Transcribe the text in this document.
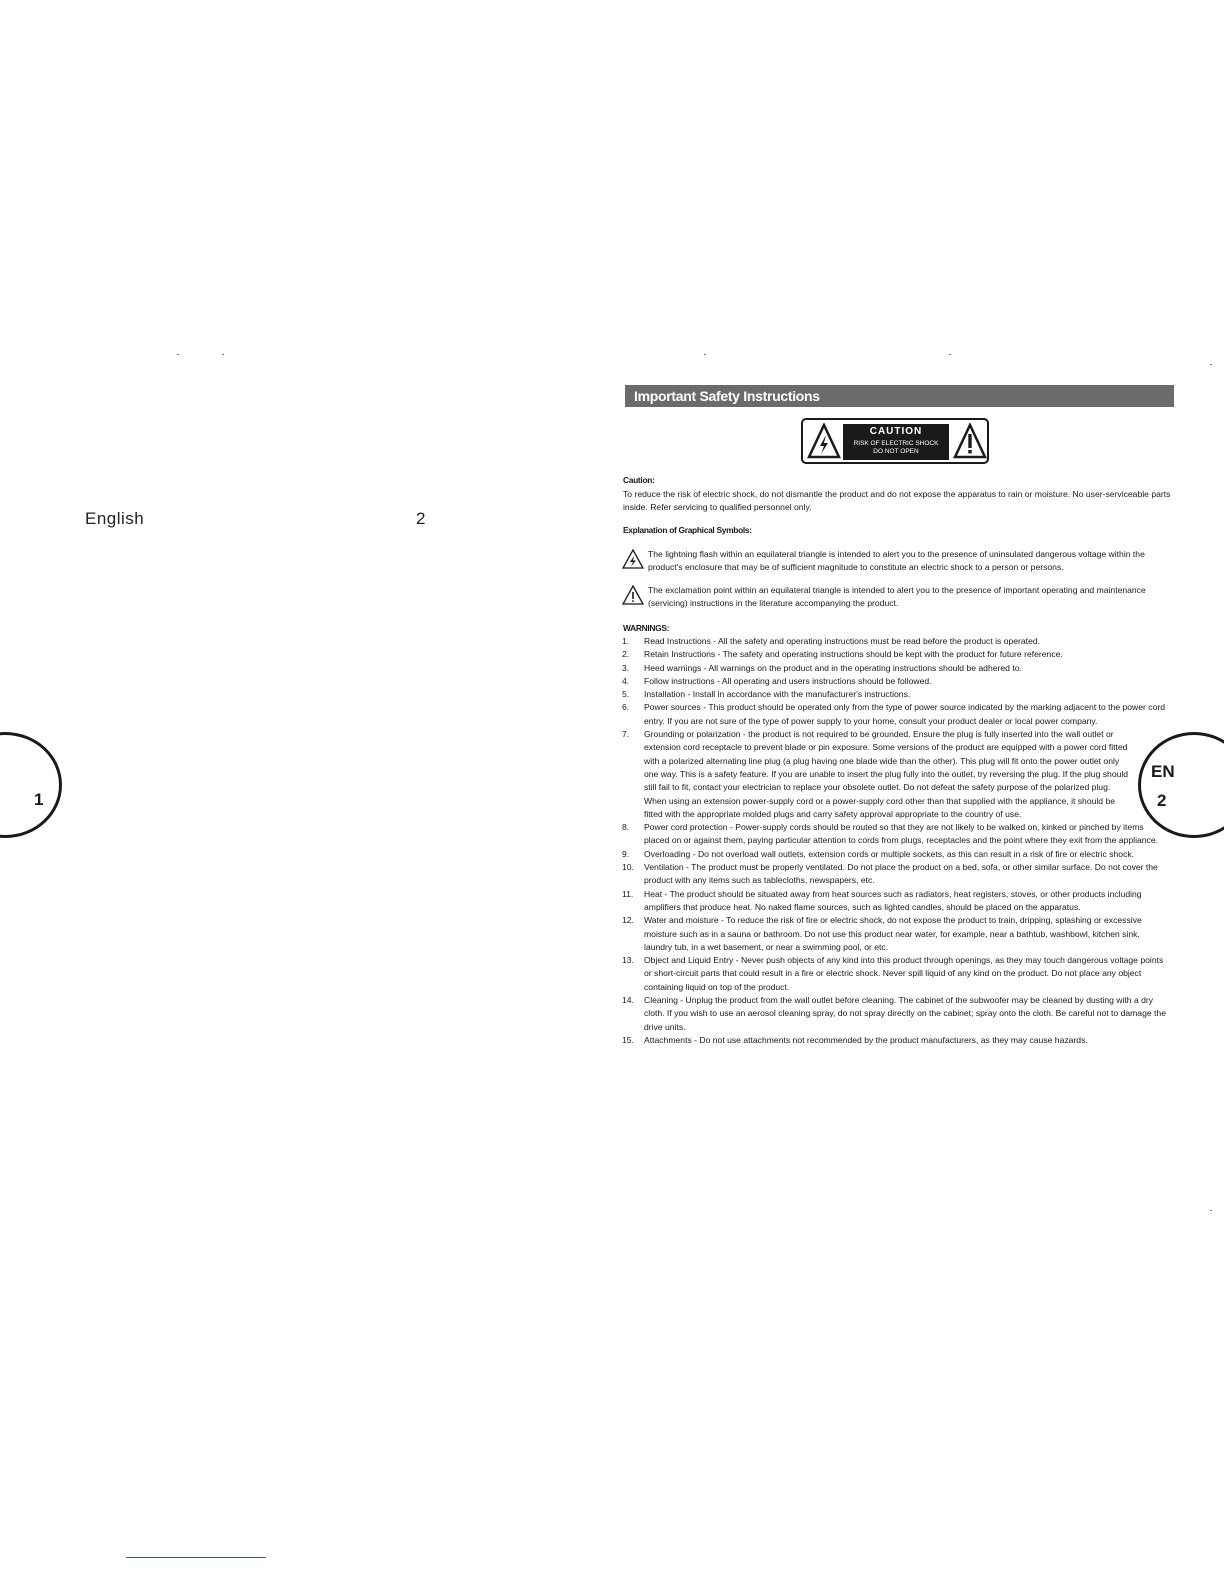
English	2
1
Important Safety Instructions
CAUTION
RISK OF ELECTRIC SHOCK
DO NOT OPEN
Caution:
To reduce the risk of electric shock, do not dismantle the product and do not expose the apparatus to rain or moisture. No user-serviceable parts inside. Refer servicing to qualified personnel only.
Explanation of Graphical Symbols:
The lightning flash within an equilateral triangle is intended to alert you to the presence of uninsulated dangerous voltage within the product's enclosure that may be of sufficient magnitude to constitute an electric shock to a person or persons.
The exclamation point within an equilateral triangle is intended to alert you to the presence of important operating and maintenance (servicing) instructions in the literature accompanying the product.
WARNINGS:
1. Read Instructions - All the safety and operating instructions must be read before the product is operated.
2. Retain Instructions - The safety and operating instructions should be kept with the product for future reference.
3. Heed warnings - All warnings on the product and in the operating instructions should be adhered to.
4. Follow instructions - All operating and users instructions should be followed.
5. Installation - Install in accordance with the manufacturer's instructions.
6. Power sources - This product should be operated only from the type of power source indicated by the marking adjacent to the power cord entry. If you are not sure of the type of power supply to your home, consult your product dealer or local power company.
7. Grounding or polarization - the product is not required to be grounded. Ensure the plug is fully inserted into the wall outlet or extension cord receptacle to prevent blade or pin exposure. Some versions of the product are equipped with a power cord fitted with a polarized alternating line plug (a plug having one blade wide than the other). This plug will fit onto the power outlet only one way. This is a safety feature. If you are unable to insert the plug fully into the outlet, try reversing the plug. If the plug should still fail to fit, contact your electrician to replace your obsolete outlet. Do not defeat the safety purpose of the polarized plug. When using an extension power-supply cord or a power-supply cord other than that supplied with the appliance, it should be fitted with the appropriate molded plugs and carry safety approval appropriate to the country of use.
8. Power cord protection - Power-supply cords should be routed so that they are not likely to be walked on, kinked or pinched by items placed on or against them, paying particular attention to cords from plugs, receptacles and the point where they exit from the appliance.
9. Overloading - Do not overload wall outlets, extension cords or multiple sockets, as this can result in a risk of fire or electric shock.
10. Ventilation - The product must be properly ventilated. Do not place the product on a bed, sofa, or other similar surface. Do not cover the product with any items such as tablecloths, newspapers, etc.
11. Heat - The product should be situated away from heat sources such as radiators, heat registers, stoves, or other products including amplifiers that produce heat. No naked flame sources, such as lighted candles, should be placed on the apparatus.
12. Water and moisture - To reduce the risk of fire or electric shock, do not expose the product to train, dripping, splashing or excessive moisture such as in a sauna or bathroom. Do not use this product near water, for example, near a bathtub, washbowl, kitchen sink, laundry tub, in a wet basement, or near a swimming pool, or etc.
13. Object and Liquid Entry - Never push objects of any kind into this product through openings, as they may touch dangerous voltage points or short-circuit parts that could result in a fire or electric shock. Never spill liquid of any kind on the product. Do not place any object containing liquid on top of the product.
14. Cleaning - Unplug the product from the wall outlet before cleaning. The cabinet of the subwoofer may be cleaned by dusting with a dry cloth. If you wish to use an aerosol cleaning spray, do not spray directly on the cabinet; spray onto the cloth. Be careful not to damage the drive units.
15. Attachments - Do not use attachments not recommended by the product manufacturers, as they may cause hazards.
EN
2
